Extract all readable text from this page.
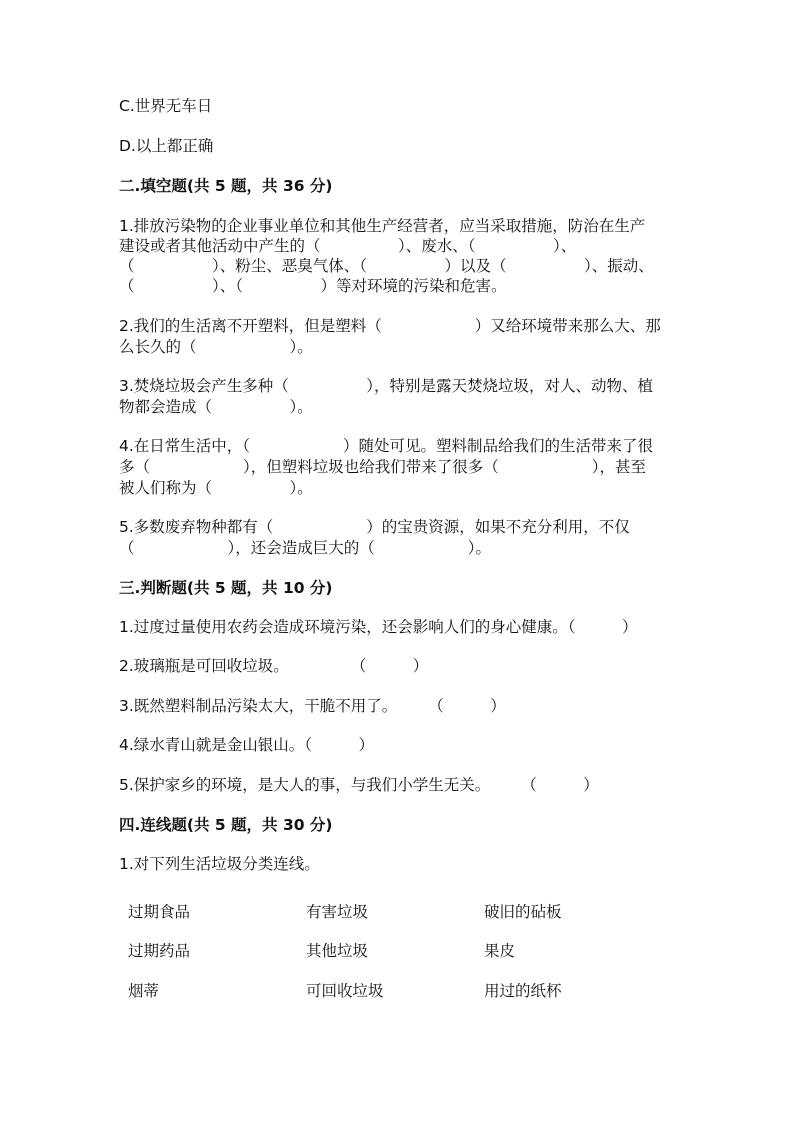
C.世界无车日
D.以上都正确
二.填空题(共 5 题，共 36 分)
1.排放污染物的企业事业单位和其他生产经营者，应当采取措施，防治在生产
建设或者其他活动中产生的（　　　　　）、废水、（　　　　　）、
（　　　　　）、粉尘、恶臭气体、（　　　　　）以及（　　　　　）、振动、
（　　　　　）、（　　　　　）等对环境的污染和危害。
2.我们的生活离不开塑料，但是塑料（　　　　　　）又给环境带来那么大、那
么长久的（　　　　　　）。
3.焚烧垃圾会产生多种（　　　　　），特别是露天焚烧垃圾，对人、动物、植
物都会造成（　　　　　）。
4.在日常生活中，（　　　　　　）随处可见。塑料制品给我们的生活带来了很
多（　　　　　　），但塑料垃圾也给我们带来了很多（　　　　　　），甚至
被人们称为（　　　　　）。
5.多数废弃物种都有（　　　　　　）的宝贵资源，如果不充分利用，不仅
（　　　　　　），还会造成巨大的（　　　　　　）。
三.判断题(共 5 题，共 10 分)
1.过度过量使用农药会造成环境污染，还会影响人们的身心健康。（　　　）
2.玻璃瓶是可回收垃圾。　　　　　（　　　）
3.既然塑料制品污染太大，干脆不用了。　　　（　　　）
4.绿水青山就是金山银山。（　　　）
5.保护家乡的环境，是大人的事，与我们小学生无关。　　　（　　　）
四.连线题(共 5 题，共 30 分)
1.对下列生活垃圾分类连线。
过期食品	有害垃圾	破旧的砧板
过期药品	其他垃圾	果皮
烟蒂	可回收垃圾	用过的纸杯
